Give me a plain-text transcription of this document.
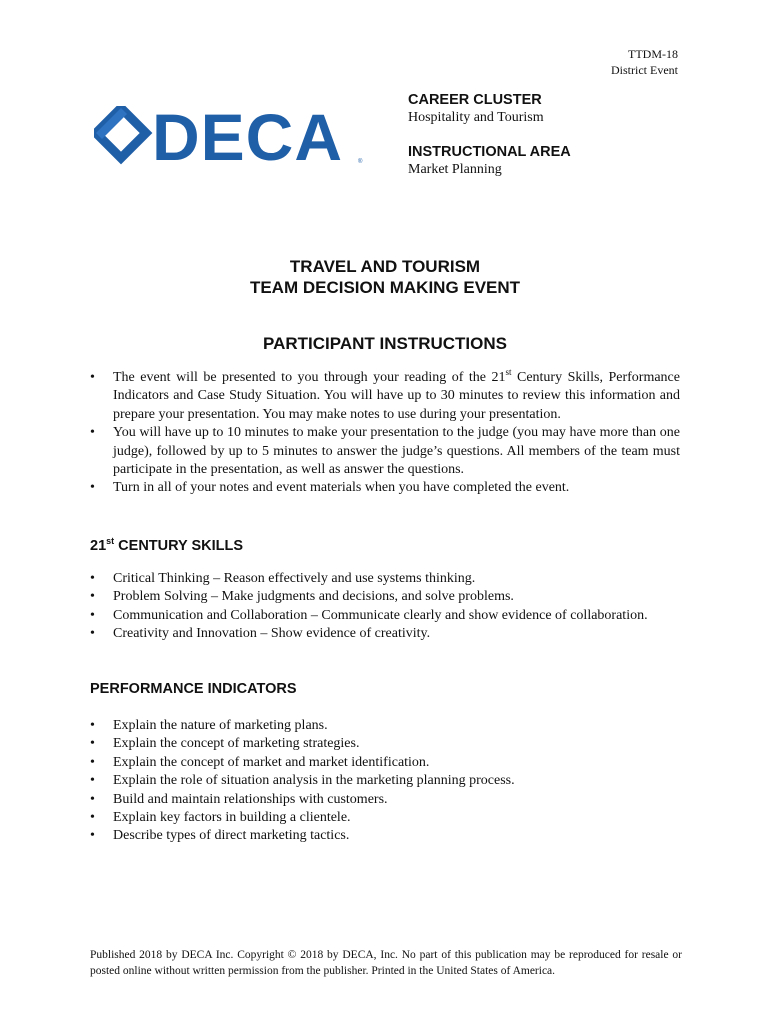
TTDM-18
District Event
DECA ®
CAREER CLUSTER
Hospitality and Tourism
INSTRUCTIONAL AREA
Market Planning
TRAVEL AND TOURISM
TEAM DECISION MAKING EVENT
PARTICIPANT INSTRUCTIONS
• The event will be presented to you through your reading of the 21st Century Skills, Performance Indicators and Case Study Situation. You will have up to 30 minutes to review this information and prepare your presentation. You may make notes to use during your presentation.
• You will have up to 10 minutes to make your presentation to the judge (you may have more than one judge), followed by up to 5 minutes to answer the judge’s questions. All members of the team must participate in the presentation, as well as answer the questions.
• Turn in all of your notes and event materials when you have completed the event.
21st CENTURY SKILLS
• Critical Thinking – Reason effectively and use systems thinking.
• Problem Solving – Make judgments and decisions, and solve problems.
• Communication and Collaboration – Communicate clearly and show evidence of collaboration.
• Creativity and Innovation – Show evidence of creativity.
PERFORMANCE INDICATORS
• Explain the nature of marketing plans.
• Explain the concept of marketing strategies.
• Explain the concept of market and market identification.
• Explain the role of situation analysis in the marketing planning process.
• Build and maintain relationships with customers.
• Explain key factors in building a clientele.
• Describe types of direct marketing tactics.
Published 2018 by DECA Inc. Copyright © 2018 by DECA, Inc. No part of this publication may be reproduced for resale or posted online without written permission from the publisher. Printed in the United States of America.
